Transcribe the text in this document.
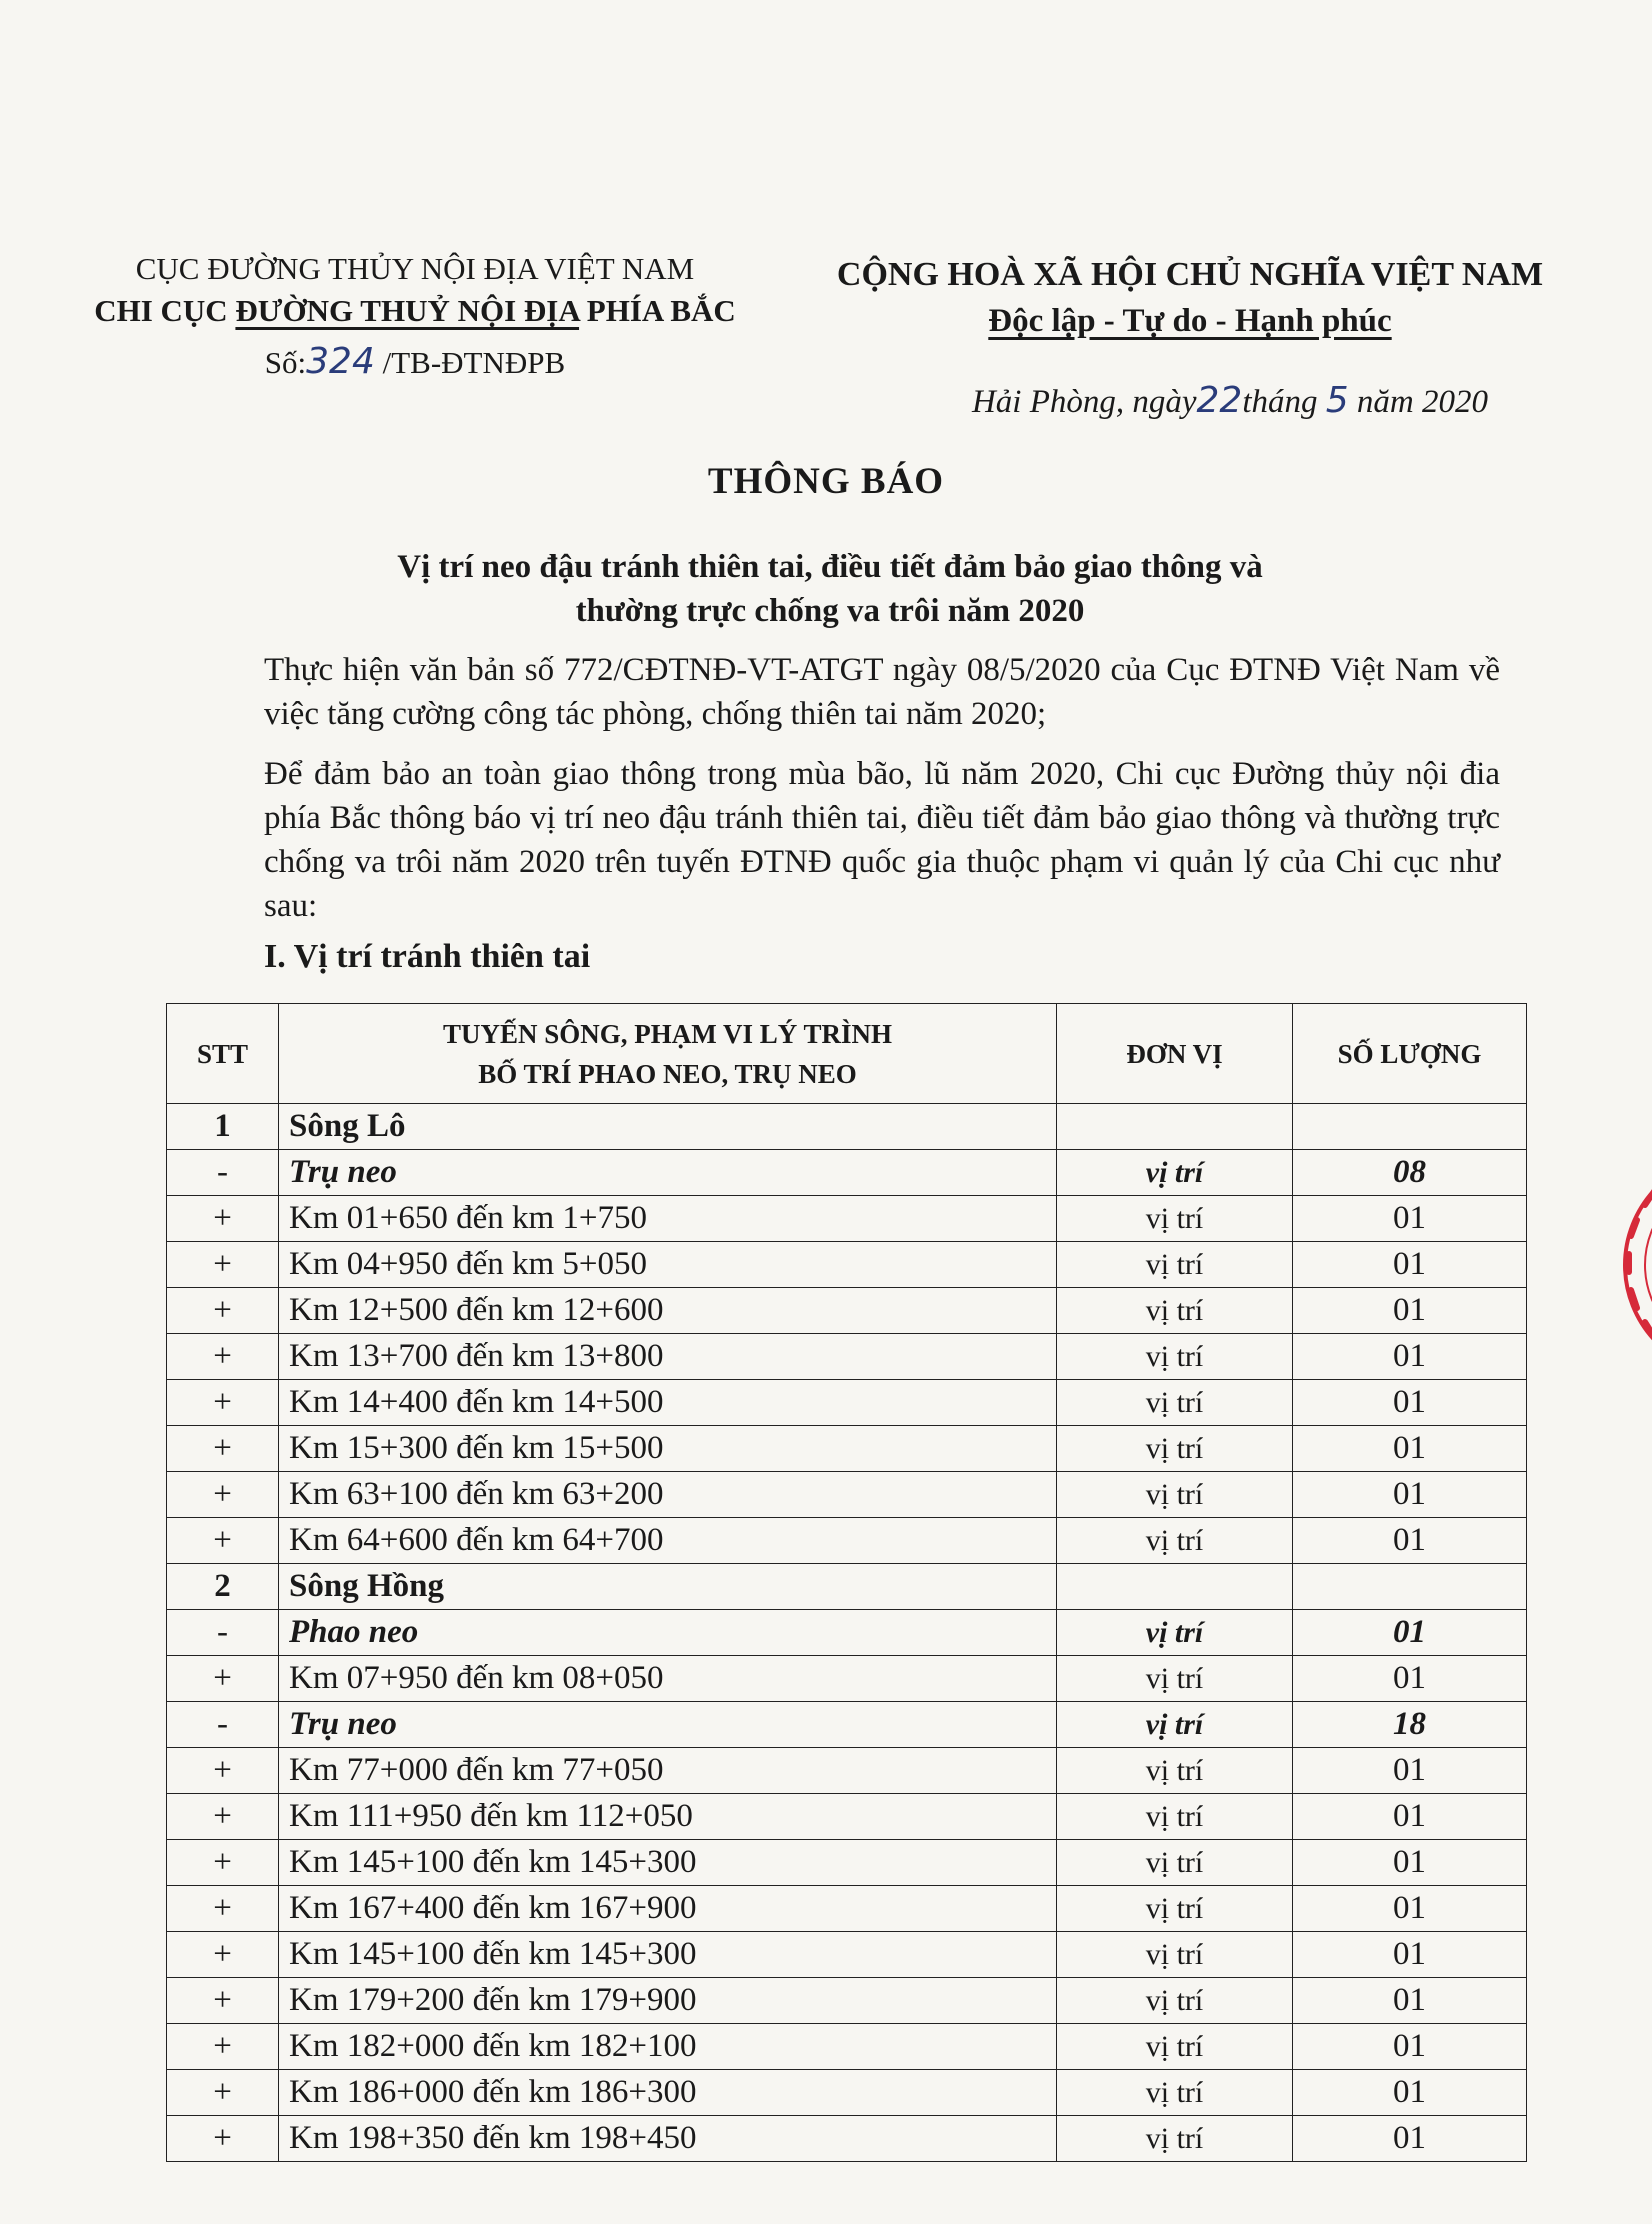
CỤC ĐƯỜNG THỦY NỘI ĐỊA VIỆT NAM
CHI CỤC ĐƯỜNG THUỶ NỘI ĐỊA PHÍA BẮC
Số:324 /TB-ĐTNĐPB
CỘNG HOÀ XÃ HỘI CHỦ NGHĨA VIỆT NAM
Độc lập - Tự do - Hạnh phúc
Hải Phòng, ngày22tháng 5 năm 2020
THÔNG BÁO
Vị trí neo đậu tránh thiên tai, điều tiết đảm bảo giao thông và
thường trực chống va trôi năm 2020
Thực hiện văn bản số 772/CĐTNĐ-VT-ATGT ngày 08/5/2020 của Cục ĐTNĐ Việt Nam về việc tăng cường công tác phòng, chống thiên tai năm 2020;
Để đảm bảo an toàn giao thông trong mùa bão, lũ năm 2020, Chi cục Đường thủy nội đia phía Bắc thông báo vị trí neo đậu tránh thiên tai, điều tiết đảm bảo giao thông và thường trực chống va trôi năm 2020 trên tuyến ĐTNĐ quốc gia thuộc phạm vi quản lý của Chi cục như sau:
I. Vị trí tránh thiên tai
STT	TUYẾN SÔNG, PHẠM VI LÝ TRÌNH
BỐ TRÍ PHAO NEO, TRỤ NEO	ĐƠN VỊ	SỐ LƯỢNG
1	Sông Lô		
-	Trụ neo	vị trí	08
+	Km 01+650 đến km 1+750	vị trí	01
+	Km 04+950 đến km 5+050	vị trí	01
+	Km 12+500 đến km 12+600	vị trí	01
+	Km 13+700 đến km 13+800	vị trí	01
+	Km 14+400 đến km 14+500	vị trí	01
+	Km 15+300 đến km 15+500	vị trí	01
+	Km 63+100 đến km 63+200	vị trí	01
+	Km 64+600 đến km 64+700	vị trí	01
2	Sông Hồng		
-	Phao neo	vị trí	01
+	Km 07+950 đến km 08+050	vị trí	01
-	Trụ neo	vị trí	18
+	Km 77+000 đến km 77+050	vị trí	01
+	Km 111+950 đến km 112+050	vị trí	01
+	Km 145+100 đến km 145+300	vị trí	01
+	Km 167+400 đến km 167+900	vị trí	01
+	Km 145+100 đến km 145+300	vị trí	01
+	Km 179+200 đến km 179+900	vị trí	01
+	Km 182+000 đến km 182+100	vị trí	01
+	Km 186+000 đến km 186+300	vị trí	01
+	Km 198+350 đến km 198+450	vị trí	01
